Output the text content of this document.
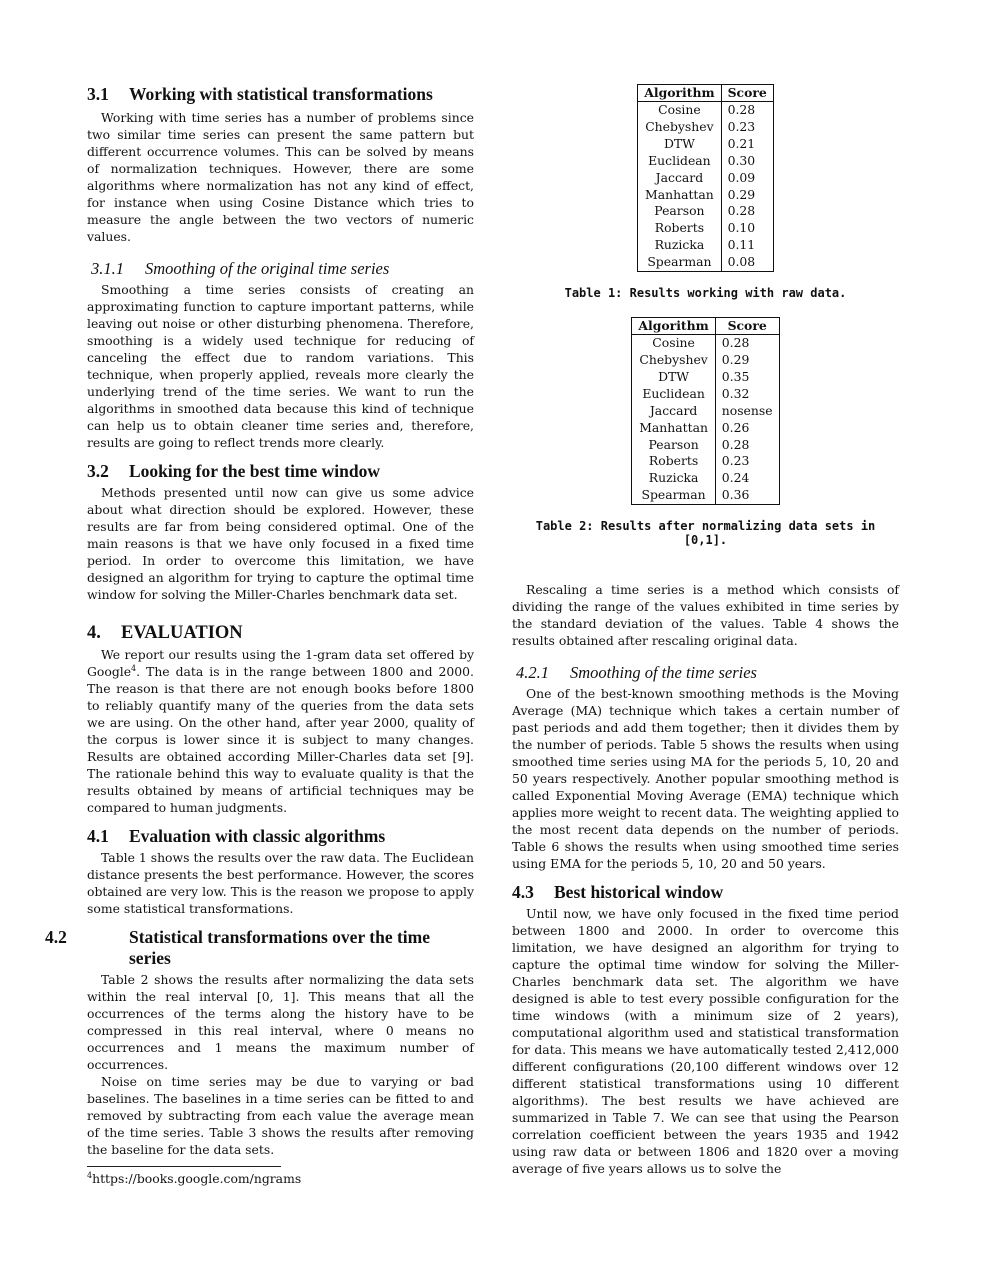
3.1 Working with statistical transformations

Working with time series has a number of problems since two similar time series can present the same pattern but different occurrence volumes. This can be solved by means of normalization techniques. However, there are some algorithms where normalization has not any kind of effect, for instance when using Cosine Distance which tries to measure the angle between the two vectors of numeric values.

3.1.1 Smoothing of the original time series

Smoothing a time series consists of creating an approximating function to capture important patterns, while leaving out noise or other disturbing phenomena. Therefore, smoothing is a widely used technique for reducing of canceling the effect due to random variations. This technique, when properly applied, reveals more clearly the underlying trend of the time series. We want to run the algorithms in smoothed data because this kind of technique can help us to obtain cleaner time series and, therefore, results are going to reflect trends more clearly.

3.2 Looking for the best time window

Methods presented until now can give us some advice about what direction should be explored. However, these results are far from being considered optimal. One of the main reasons is that we have only focused in a fixed time period. In order to overcome this limitation, we have designed an algorithm for trying to capture the optimal time window for solving the Miller-Charles benchmark data set.

4. EVALUATION

We report our results using the 1-gram data set offered by Google$^4$. The data is in the range between 1800 and 2000. The reason is that there are not enough books before 1800 to reliably quantify many of the queries from the data sets we are using. On the other hand, after year 2000, quality of the corpus is lower since it is subject to many changes. Results are obtained according Miller-Charles data set [9]. The rationale behind this way to evaluate quality is that the results obtained by means of artificial techniques may be compared to human judgments.

4.1 Evaluation with classic algorithms

Table 1 shows the results over the raw data. The Euclidean distance presents the best performance. However, the scores obtained are very low. This is the reason we propose to apply some statistical transformations.

4.2	Statistical transformations over the time series

Table 2 shows the results after normalizing the data sets within the real interval [0, 1]. This means that all the occurrences of the terms along the history have to be compressed in this real interval, where 0 means no occurrences and 1 means the maximum number of occurrences.

Noise on time series may be due to varying or bad baselines. The baselines in a time series can be fitted to and removed by subtracting from each value the average mean of the time series. Table 3 shows the results after removing the baseline for the data sets.

$^4$https://books.google.com/ngrams
Algorithm	Score
Cosine	0.28
Chebyshev	0.23
DTW	0.21
Euclidean	0.30
Jaccard	0.09
Manhattan	0.29
Pearson	0.28
Roberts	0.10
Ruzicka	0.11
Spearman	0.08
Table 1: Results working with raw data.
Algorithm	Score
Cosine	0.28
Chebyshev	0.29
DTW	0.35
Euclidean	0.32
Jaccard	nosense
Manhattan	0.26
Pearson	0.28
Roberts	0.23
Ruzicka	0.24
Spearman	0.36
Table 2: Results after normalizing data sets in [0,1].

Rescaling a time series is a method which consists of dividing the range of the values exhibited in time series by the standard deviation of the values. Table 4 shows the results obtained after rescaling original data.

4.2.1 Smoothing of the time series

One of the best-known smoothing methods is the Moving Average (MA) technique which takes a certain number of past periods and add them together; then it divides them by the number of periods. Table 5 shows the results when using smoothed time series using MA for the periods 5, 10, 20 and 50 years respectively. Another popular smoothing method is called Exponential Moving Average (EMA) technique which applies more weight to recent data. The weighting applied to the most recent data depends on the number of periods. Table 6 shows the results when using smoothed time series using EMA for the periods 5, 10, 20 and 50 years.

4.3 Best historical window

Until now, we have only focused in the fixed time period between 1800 and 2000. In order to overcome this limitation, we have designed an algorithm for trying to capture the optimal time window for solving the Miller-Charles benchmark data set. The algorithm we have designed is able to test every possible configuration for the time windows (with a minimum size of 2 years), computational algorithm used and statistical transformation for data. This means we have automatically tested 2,412,000 different configurations (20,100 different windows over 12 different statistical transformations using 10 different algorithms). The best results we have achieved are summarized in Table 7. We can see that using the Pearson correlation coefficient between the years 1935 and 1942 using raw data or between 1806 and 1820 over a moving average of five years allows us to solve the
